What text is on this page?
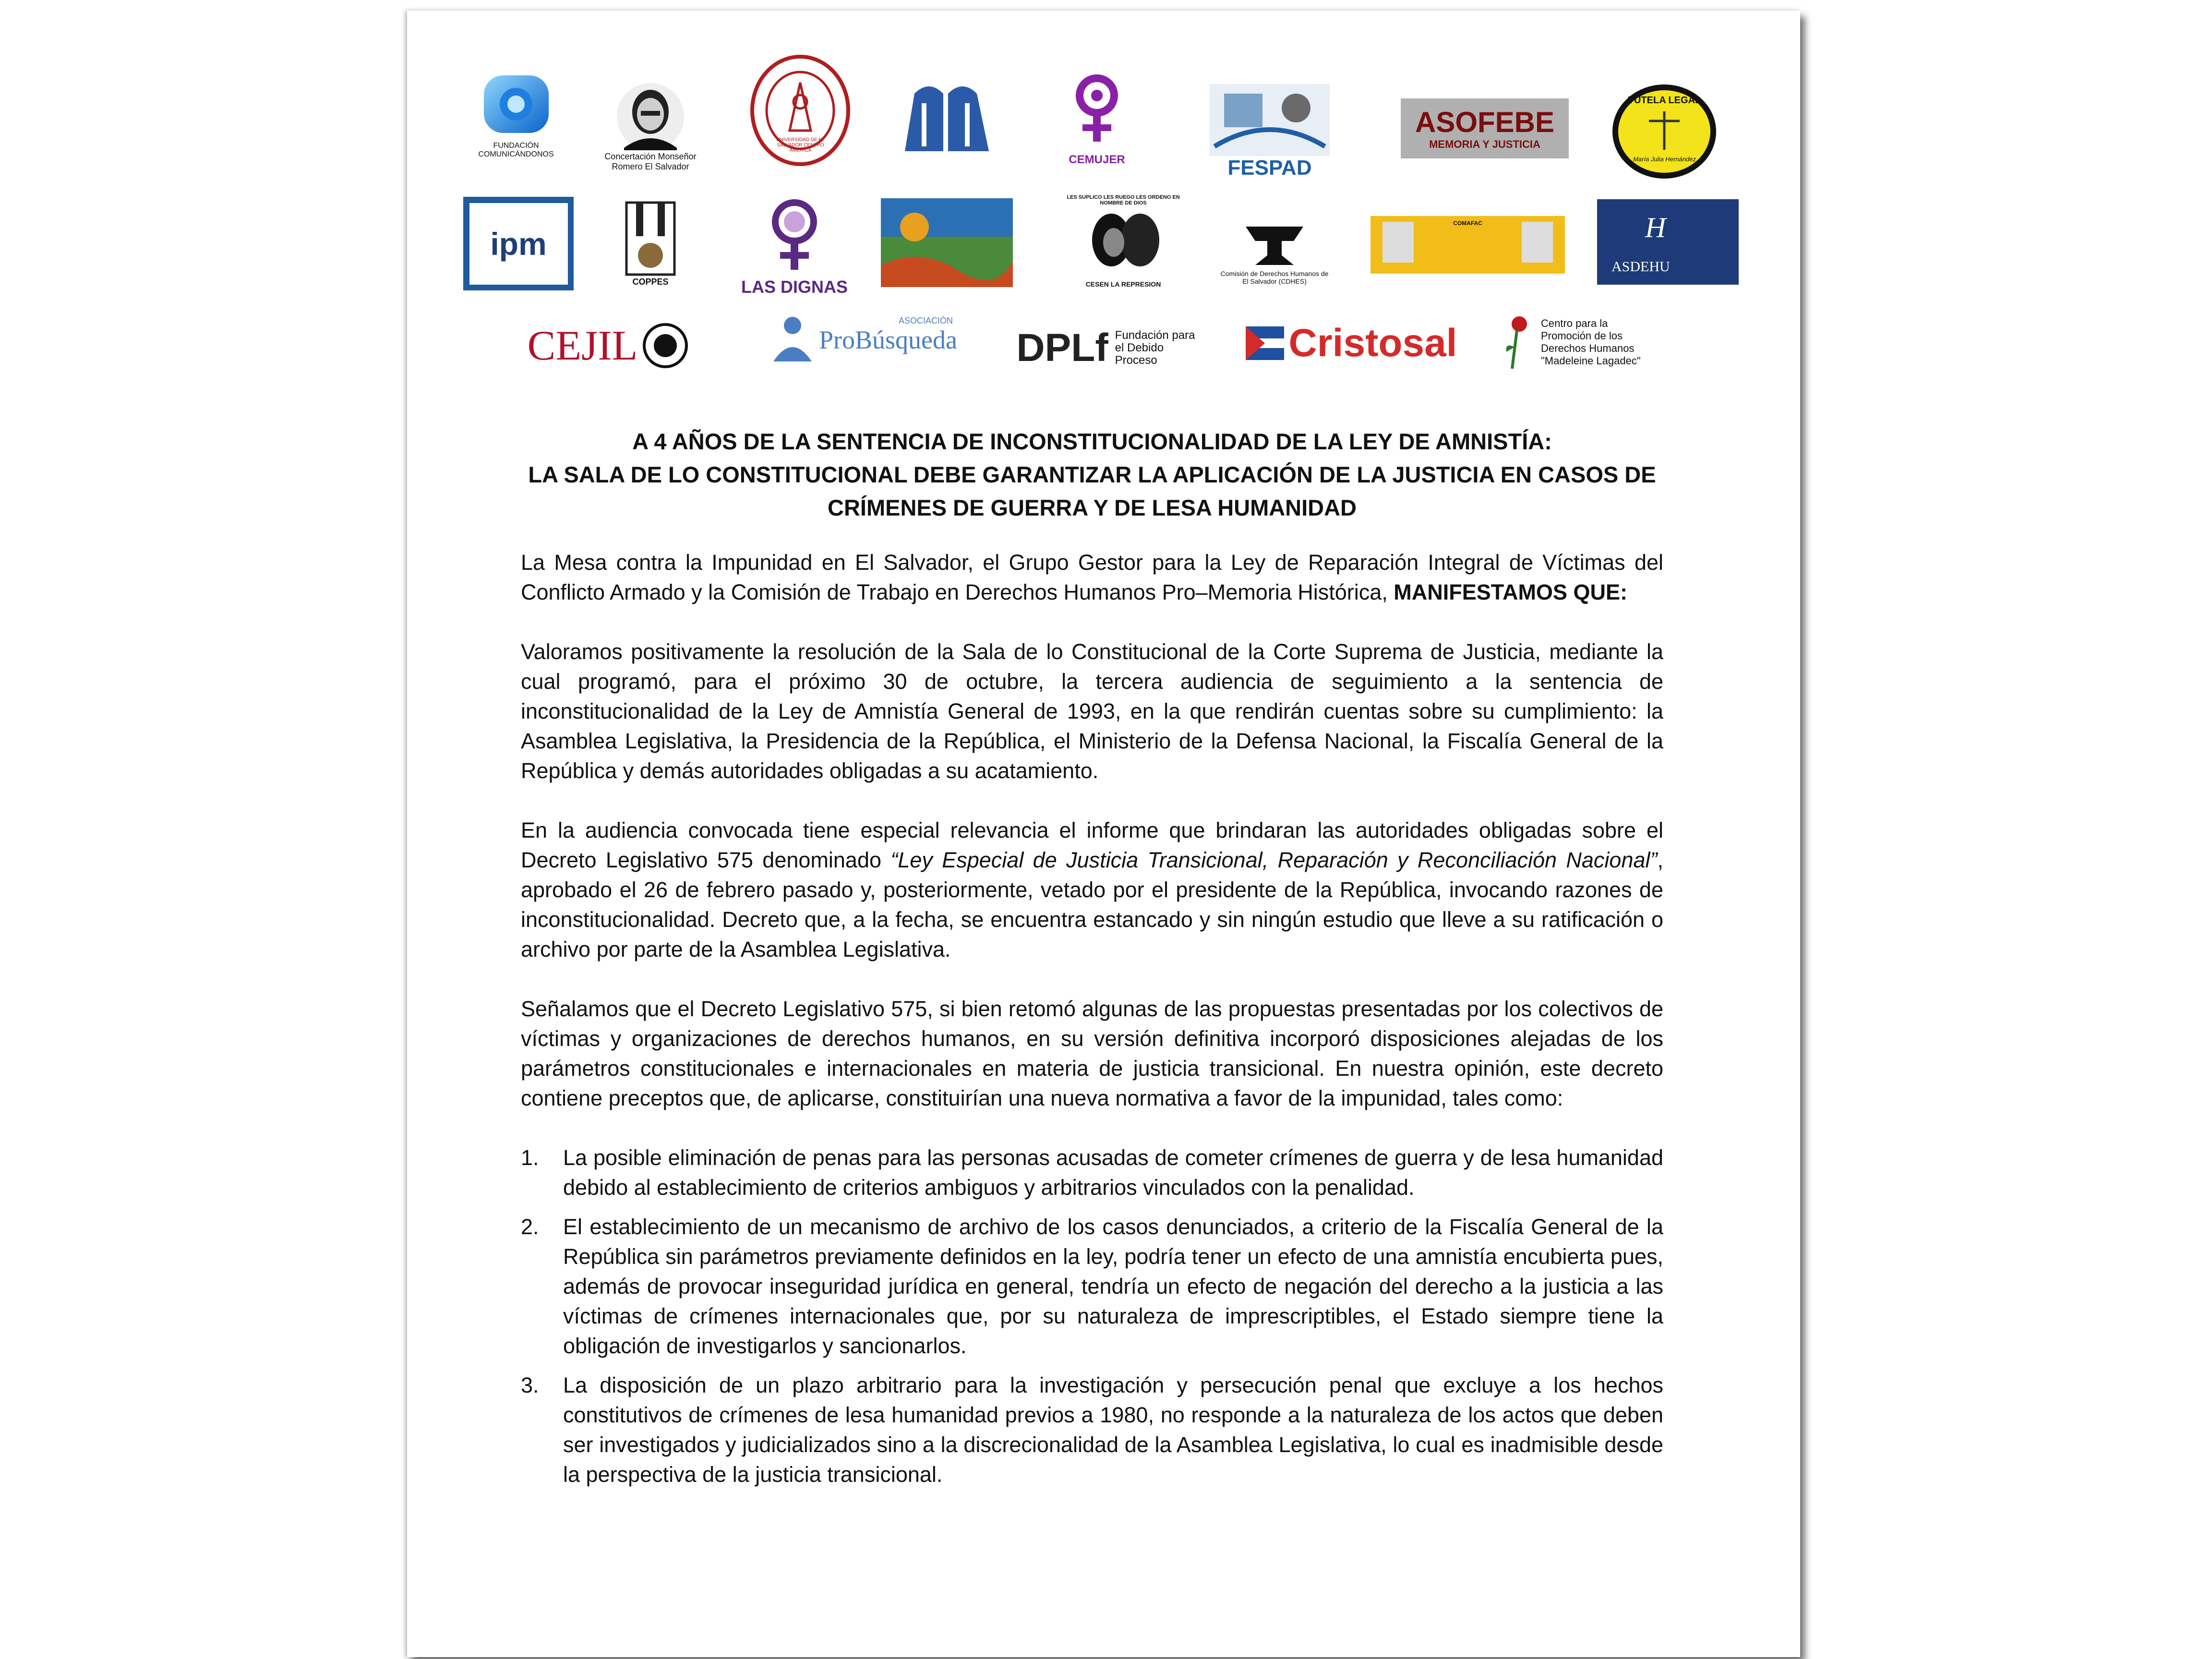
FUNDACIÓN COMUNICÁNDONOS	Concertación Monseñor Romero El Salvador
UNIVERSIDAD DE EL SALVADOR CENTRO AMÉRICA
CEMUJER	FESPAD
ASOFEBE
MEMORIA Y JUSTICIA
TUTELA LEGAL
María Julia Hernández
ipm
COPPES	LAS DIGNAS
LES SUPLICO LES RUEGO LES ORDENO EN NOMBRE DE DIOS
CESEN LA REPRESION
Comisión de Derechos Humanos de El Salvador (CDHES)
COMAFAC
ASDEHU
H
CEJIL	Pro Búsqueda
ASOCIACIÓN
DPLf Fundación para el Debido Proceso	Cristosal	Centro para la Promoción de los Derechos Humanos "Madeleine Lagadec"
A 4 AÑOS DE LA SENTENCIA DE INCONSTITUCIONALIDAD DE LA LEY DE AMNISTÍA:
LA SALA DE LO CONSTITUCIONAL DEBE GARANTIZAR LA APLICACIÓN DE LA JUSTICIA EN CASOS DE
CRÍMENES DE GUERRA Y DE LESA HUMANIDAD

La Mesa contra la Impunidad en El Salvador, el Grupo Gestor para la Ley de Reparación Integral de Víctimas del Conflicto Armado y la Comisión de Trabajo en Derechos Humanos Pro–Memoria Histórica, MANIFESTAMOS QUE:

Valoramos positivamente la resolución de la Sala de lo Constitucional de la Corte Suprema de Justicia, mediante la cual programó, para el próximo 30 de octubre, la tercera audiencia de seguimiento a la sentencia de inconstitucionalidad de la Ley de Amnistía General de 1993, en la que rendirán cuentas sobre su cumplimiento: la Asamblea Legislativa, la Presidencia de la República, el Ministerio de la Defensa Nacional, la Fiscalía General de la República y demás autoridades obligadas a su acatamiento.

En la audiencia convocada tiene especial relevancia el informe que brindaran las autoridades obligadas sobre el Decreto Legislativo 575 denominado “Ley Especial de Justicia Transicional, Reparación y Reconciliación Nacional”, aprobado el 26 de febrero pasado y, posteriormente, vetado por el presidente de la República, invocando razones de inconstitucionalidad. Decreto que, a la fecha, se encuentra estancado y sin ningún estudio que lleve a su ratificación o archivo por parte de la Asamblea Legislativa.

Señalamos que el Decreto Legislativo 575, si bien retomó algunas de las propuestas presentadas por los colectivos de víctimas y organizaciones de derechos humanos, en su versión definitiva incorporó disposiciones alejadas de los parámetros constitucionales e internacionales en materia de justicia transicional. En nuestra opinión, este decreto contiene preceptos que, de aplicarse, constituirían una nueva normativa a favor de la impunidad, tales como:

1. La posible eliminación de penas para las personas acusadas de cometer crímenes de guerra y de lesa humanidad debido al establecimiento de criterios ambiguos y arbitrarios vinculados con la penalidad.
2. El establecimiento de un mecanismo de archivo de los casos denunciados, a criterio de la Fiscalía General de la República sin parámetros previamente definidos en la ley, podría tener un efecto de una amnistía encubierta pues, además de provocar inseguridad jurídica en general, tendría un efecto de negación del derecho a la justicia a las víctimas de crímenes internacionales que, por su naturaleza de imprescriptibles, el Estado siempre tiene la obligación de investigarlos y sancionarlos.
3. La disposición de un plazo arbitrario para la investigación y persecución penal que excluye a los hechos constitutivos de crímenes de lesa humanidad previos a 1980, no responde a la naturaleza de los actos que deben ser investigados y judicializados sino a la discrecionalidad de la Asamblea Legislativa, lo cual es inadmisible desde la perspectiva de la justicia transicional.
